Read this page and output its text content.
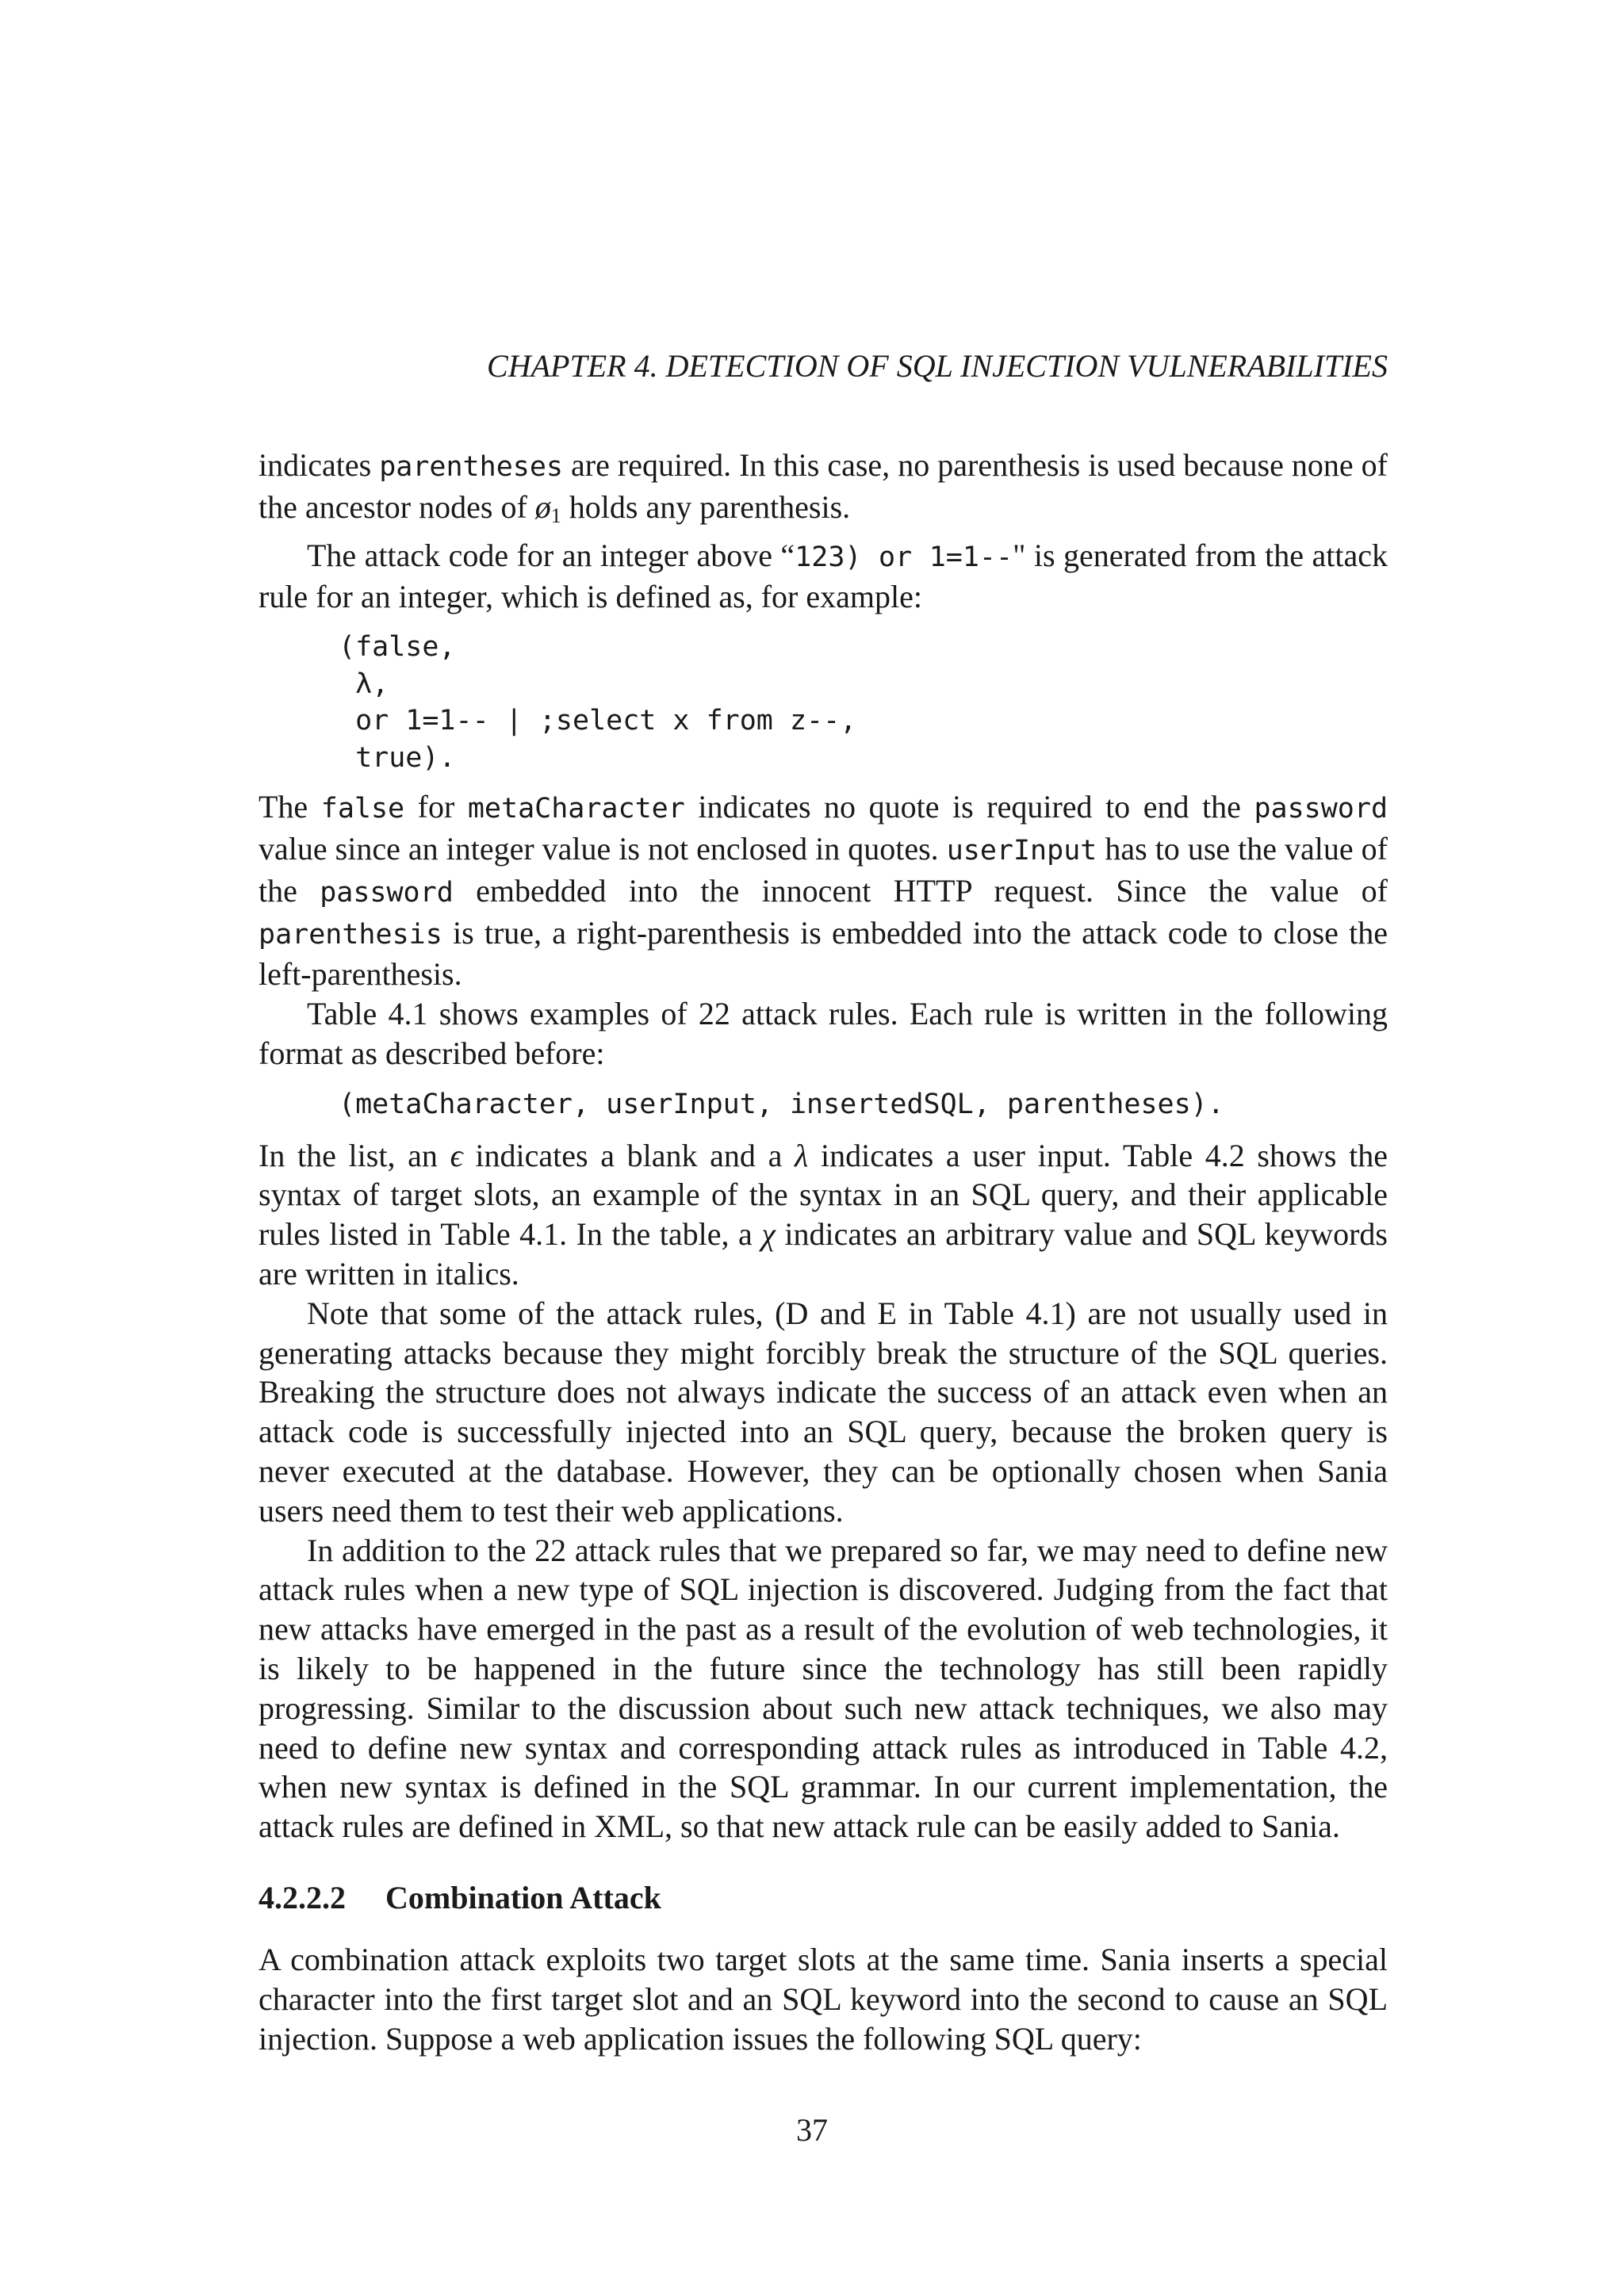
CHAPTER 4. DETECTION OF SQL INJECTION VULNERABILITIES

indicates parentheses are required. In this case, no parenthesis is used because none of the ancestor nodes of $ø_1$ holds any parenthesis.

The attack code for an integer above “123) or 1=1--" is generated from the attack rule for an integer, which is defined as, for example:

(false,
λ,
or 1=1-- | ;select x from z--,
true).

The false for metaCharacter indicates no quote is required to end the password value since an integer value is not enclosed in quotes. userInput has to use the value of the password embedded into the innocent HTTP request. Since the value of parenthesis is true, a right-parenthesis is embedded into the attack code to close the left-parenthesis.

Table 4.1 shows examples of 22 attack rules. Each rule is written in the following format as described before:

(metaCharacter, userInput, insertedSQL, parentheses).

In the list, an ϵ indicates a blank and a λ indicates a user input. Table 4.2 shows the syntax of target slots, an example of the syntax in an SQL query, and their applicable rules listed in Table 4.1. In the table, a χ indicates an arbitrary value and SQL keywords are written in italics.

Note that some of the attack rules, (D and E in Table 4.1) are not usually used in generating attacks because they might forcibly break the structure of the SQL queries. Breaking the structure does not always indicate the success of an attack even when an attack code is successfully injected into an SQL query, because the broken query is never executed at the database. However, they can be optionally chosen when Sania users need them to test their web applications.

In addition to the 22 attack rules that we prepared so far, we may need to define new attack rules when a new type of SQL injection is discovered. Judging from the fact that new attacks have emerged in the past as a result of the evolution of web technologies, it is likely to be happened in the future since the technology has still been rapidly progressing. Similar to the discussion about such new attack techniques, we also may need to define new syntax and corresponding attack rules as introduced in Table 4.2, when new syntax is defined in the SQL grammar. In our current implementation, the attack rules are defined in XML, so that new attack rule can be easily added to Sania.

4.2.2.2 Combination Attack

A combination attack exploits two target slots at the same time. Sania inserts a special character into the first target slot and an SQL keyword into the second to cause an SQL injection. Suppose a web application issues the following SQL query:

37
